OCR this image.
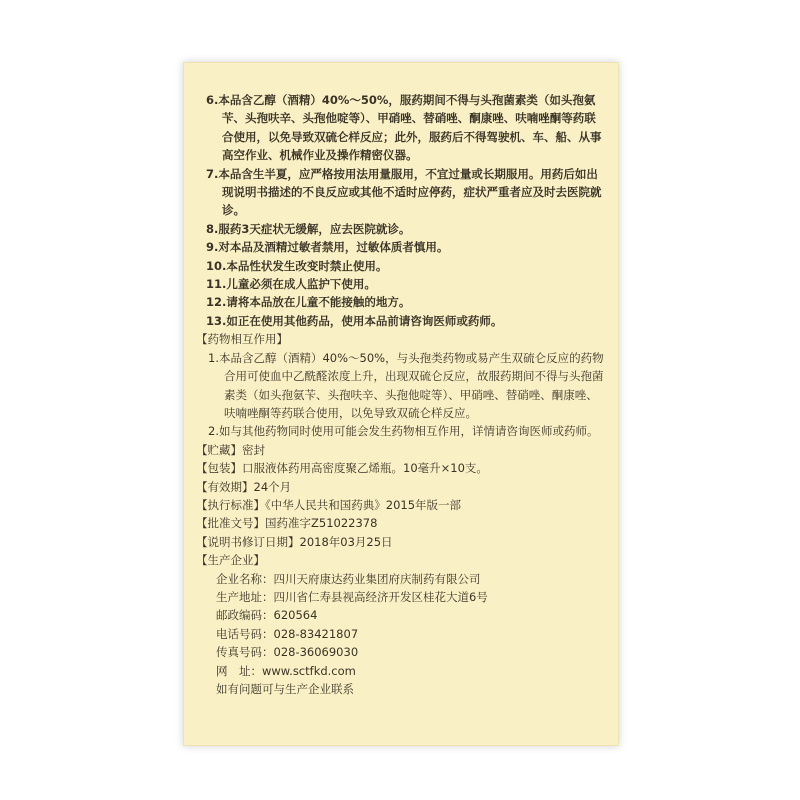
6.本品含乙醇（酒精）40%～50%，服药期间不得与头孢菌素类（如头孢氨苄、头孢呋辛、头孢他啶等）、甲硝唑、替硝唑、酮康唑、呋喃唑酮等药联合使用，以免导致双硫仑样反应；此外，服药后不得驾驶机、车、船、从事高空作业、机械作业及操作精密仪器。

7.本品含生半夏，应严格按用法用量服用，不宜过量或长期服用。用药后如出现说明书描述的不良反应或其他不适时应停药，症状严重者应及时去医院就诊。

8.服药3天症状无缓解，应去医院就诊。

9.对本品及酒精过敏者禁用，过敏体质者慎用。

10.本品性状发生改变时禁止使用。

11.儿童必须在成人监护下使用。

12.请将本品放在儿童不能接触的地方。

13.如正在使用其他药品，使用本品前请咨询医师或药师。

【药物相互作用】

1.本品含乙醇（酒精）40%～50%，与头孢类药物或易产生双硫仑反应的药物合用可使血中乙酰醛浓度上升，出现双硫仑反应，故服药期间不得与头孢菌素类（如头孢氨苄、头孢呋辛、头孢他啶等）、甲硝唑、替硝唑、酮康唑、呋喃唑酮等药联合使用，以免导致双硫仑样反应。

2.如与其他药物同时使用可能会发生药物相互作用，详情请咨询医师或药师。

【贮藏】密封

【包装】口服液体药用高密度聚乙烯瓶。10毫升×10支。

【有效期】24个月

【执行标准】《中华人民共和国药典》2015年版一部

【批准文号】国药准字Z51022378

【说明书修订日期】2018年03月25日

【生产企业】

企业名称：四川天府康达药业集团府庆制药有限公司

生产地址：四川省仁寿县视高经济开发区桂花大道6号

邮政编码：620564

电话号码：028-83421807

传真号码：028-36069030

网　址：www.sctfkd.com

如有问题可与生产企业联系
